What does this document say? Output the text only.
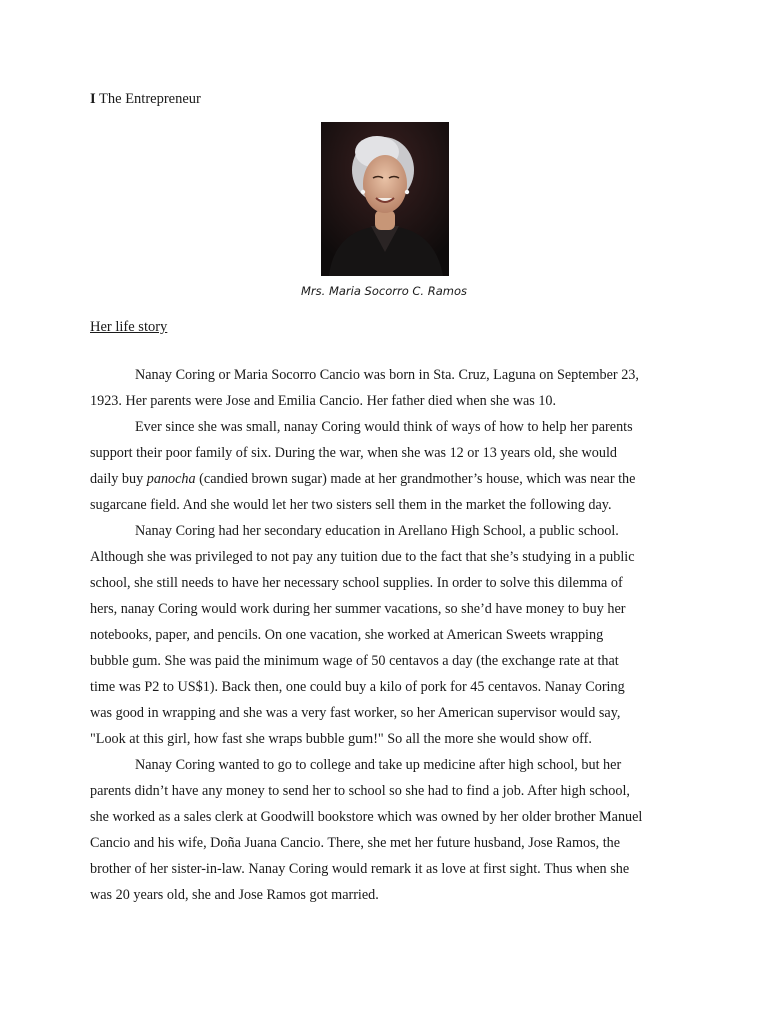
I The Entrepreneur
Mrs. Maria Socorro C. Ramos
Her life story
Nanay Coring or Maria Socorro Cancio was born in Sta. Cruz, Laguna on September 23,
1923. Her parents were Jose and Emilia Cancio. Her father died when she was 10.
Ever since she was small, nanay Coring would think of ways of how to help her parents
support their poor family of six. During the war, when she was 12 or 13 years old, she would
daily buy panocha (candied brown sugar) made at her grandmother’s house, which was near the
sugarcane field. And she would let her two sisters sell them in the market the following day.
Nanay Coring had her secondary education in Arellano High School, a public school.
Although she was privileged to not pay any tuition due to the fact that she’s studying in a public
school, she still needs to have her necessary school supplies. In order to solve this dilemma of
hers, nanay Coring would work during her summer vacations, so she’d have money to buy her
notebooks, paper, and pencils. On one vacation, she worked at American Sweets wrapping
bubble gum. She was paid the minimum wage of 50 centavos a day (the exchange rate at that
time was P2 to US$1). Back then, one could buy a kilo of pork for 45 centavos. Nanay Coring
was good in wrapping and she was a very fast worker, so her American supervisor would say,
"Look at this girl, how fast she wraps bubble gum!" So all the more she would show off.
Nanay Coring wanted to go to college and take up medicine after high school, but her
parents didn’t have any money to send her to school so she had to find a job. After high school,
she worked as a sales clerk at Goodwill bookstore which was owned by her older brother Manuel
Cancio and his wife, Doña Juana Cancio. There, she met her future husband, Jose Ramos, the
brother of her sister-in-law. Nanay Coring would remark it as love at first sight. Thus when she
was 20 years old, she and Jose Ramos got married.
